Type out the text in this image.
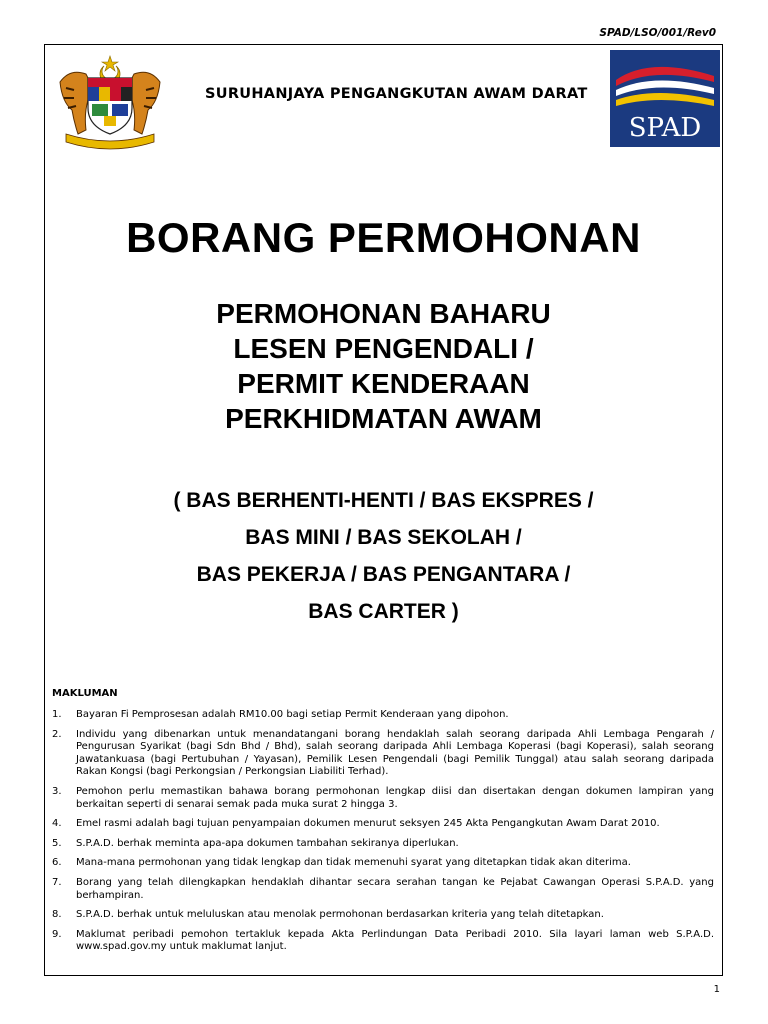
SPAD/LSO/001/Rev0
SURUHANJAYA PENGANGKUTAN AWAM DARAT
SPAD
BORANG PERMOHONAN
PERMOHONAN BAHARU
LESEN PENGENDALI /
PERMIT KENDERAAN
PERKHIDMATAN AWAM
( BAS BERHENTI-HENTI / BAS EKSPRES /
BAS MINI / BAS SEKOLAH /
BAS PEKERJA / BAS PENGANTARA /
BAS CARTER )
MAKLUMAN
1.	Bayaran Fi Pemprosesan adalah RM10.00 bagi setiap Permit Kenderaan yang dipohon.
2.	Individu yang dibenarkan untuk menandatangani borang hendaklah salah seorang daripada Ahli Lembaga Pengarah / Pengurusan Syarikat (bagi Sdn Bhd / Bhd), salah seorang daripada Ahli Lembaga Koperasi (bagi Koperasi), salah seorang Jawatankuasa (bagi Pertubuhan / Yayasan), Pemilik Lesen Pengendali (bagi Pemilik Tunggal) atau salah seorang daripada Rakan Kongsi (bagi Perkongsian / Perkongsian Liabiliti Terhad).
3.	Pemohon perlu memastikan bahawa borang permohonan lengkap diisi dan disertakan dengan dokumen lampiran yang berkaitan seperti di senarai semak pada muka surat 2 hingga 3.
4.	Emel rasmi adalah bagi tujuan penyampaian dokumen menurut seksyen 245 Akta Pengangkutan Awam Darat 2010.
5.	S.P.A.D. berhak meminta apa-apa dokumen tambahan sekiranya diperlukan.
6.	Mana-mana permohonan yang tidak lengkap dan tidak memenuhi syarat yang ditetapkan tidak akan diterima.
7.	Borang yang telah dilengkapkan hendaklah dihantar secara serahan tangan ke Pejabat Cawangan Operasi S.P.A.D. yang berhampiran.
8.	S.P.A.D. berhak untuk meluluskan atau menolak permohonan berdasarkan kriteria yang telah ditetapkan.
9.	Maklumat peribadi pemohon tertakluk kepada Akta Perlindungan Data Peribadi 2010. Sila layari laman web S.P.A.D. www.spad.gov.my untuk maklumat lanjut.
1
